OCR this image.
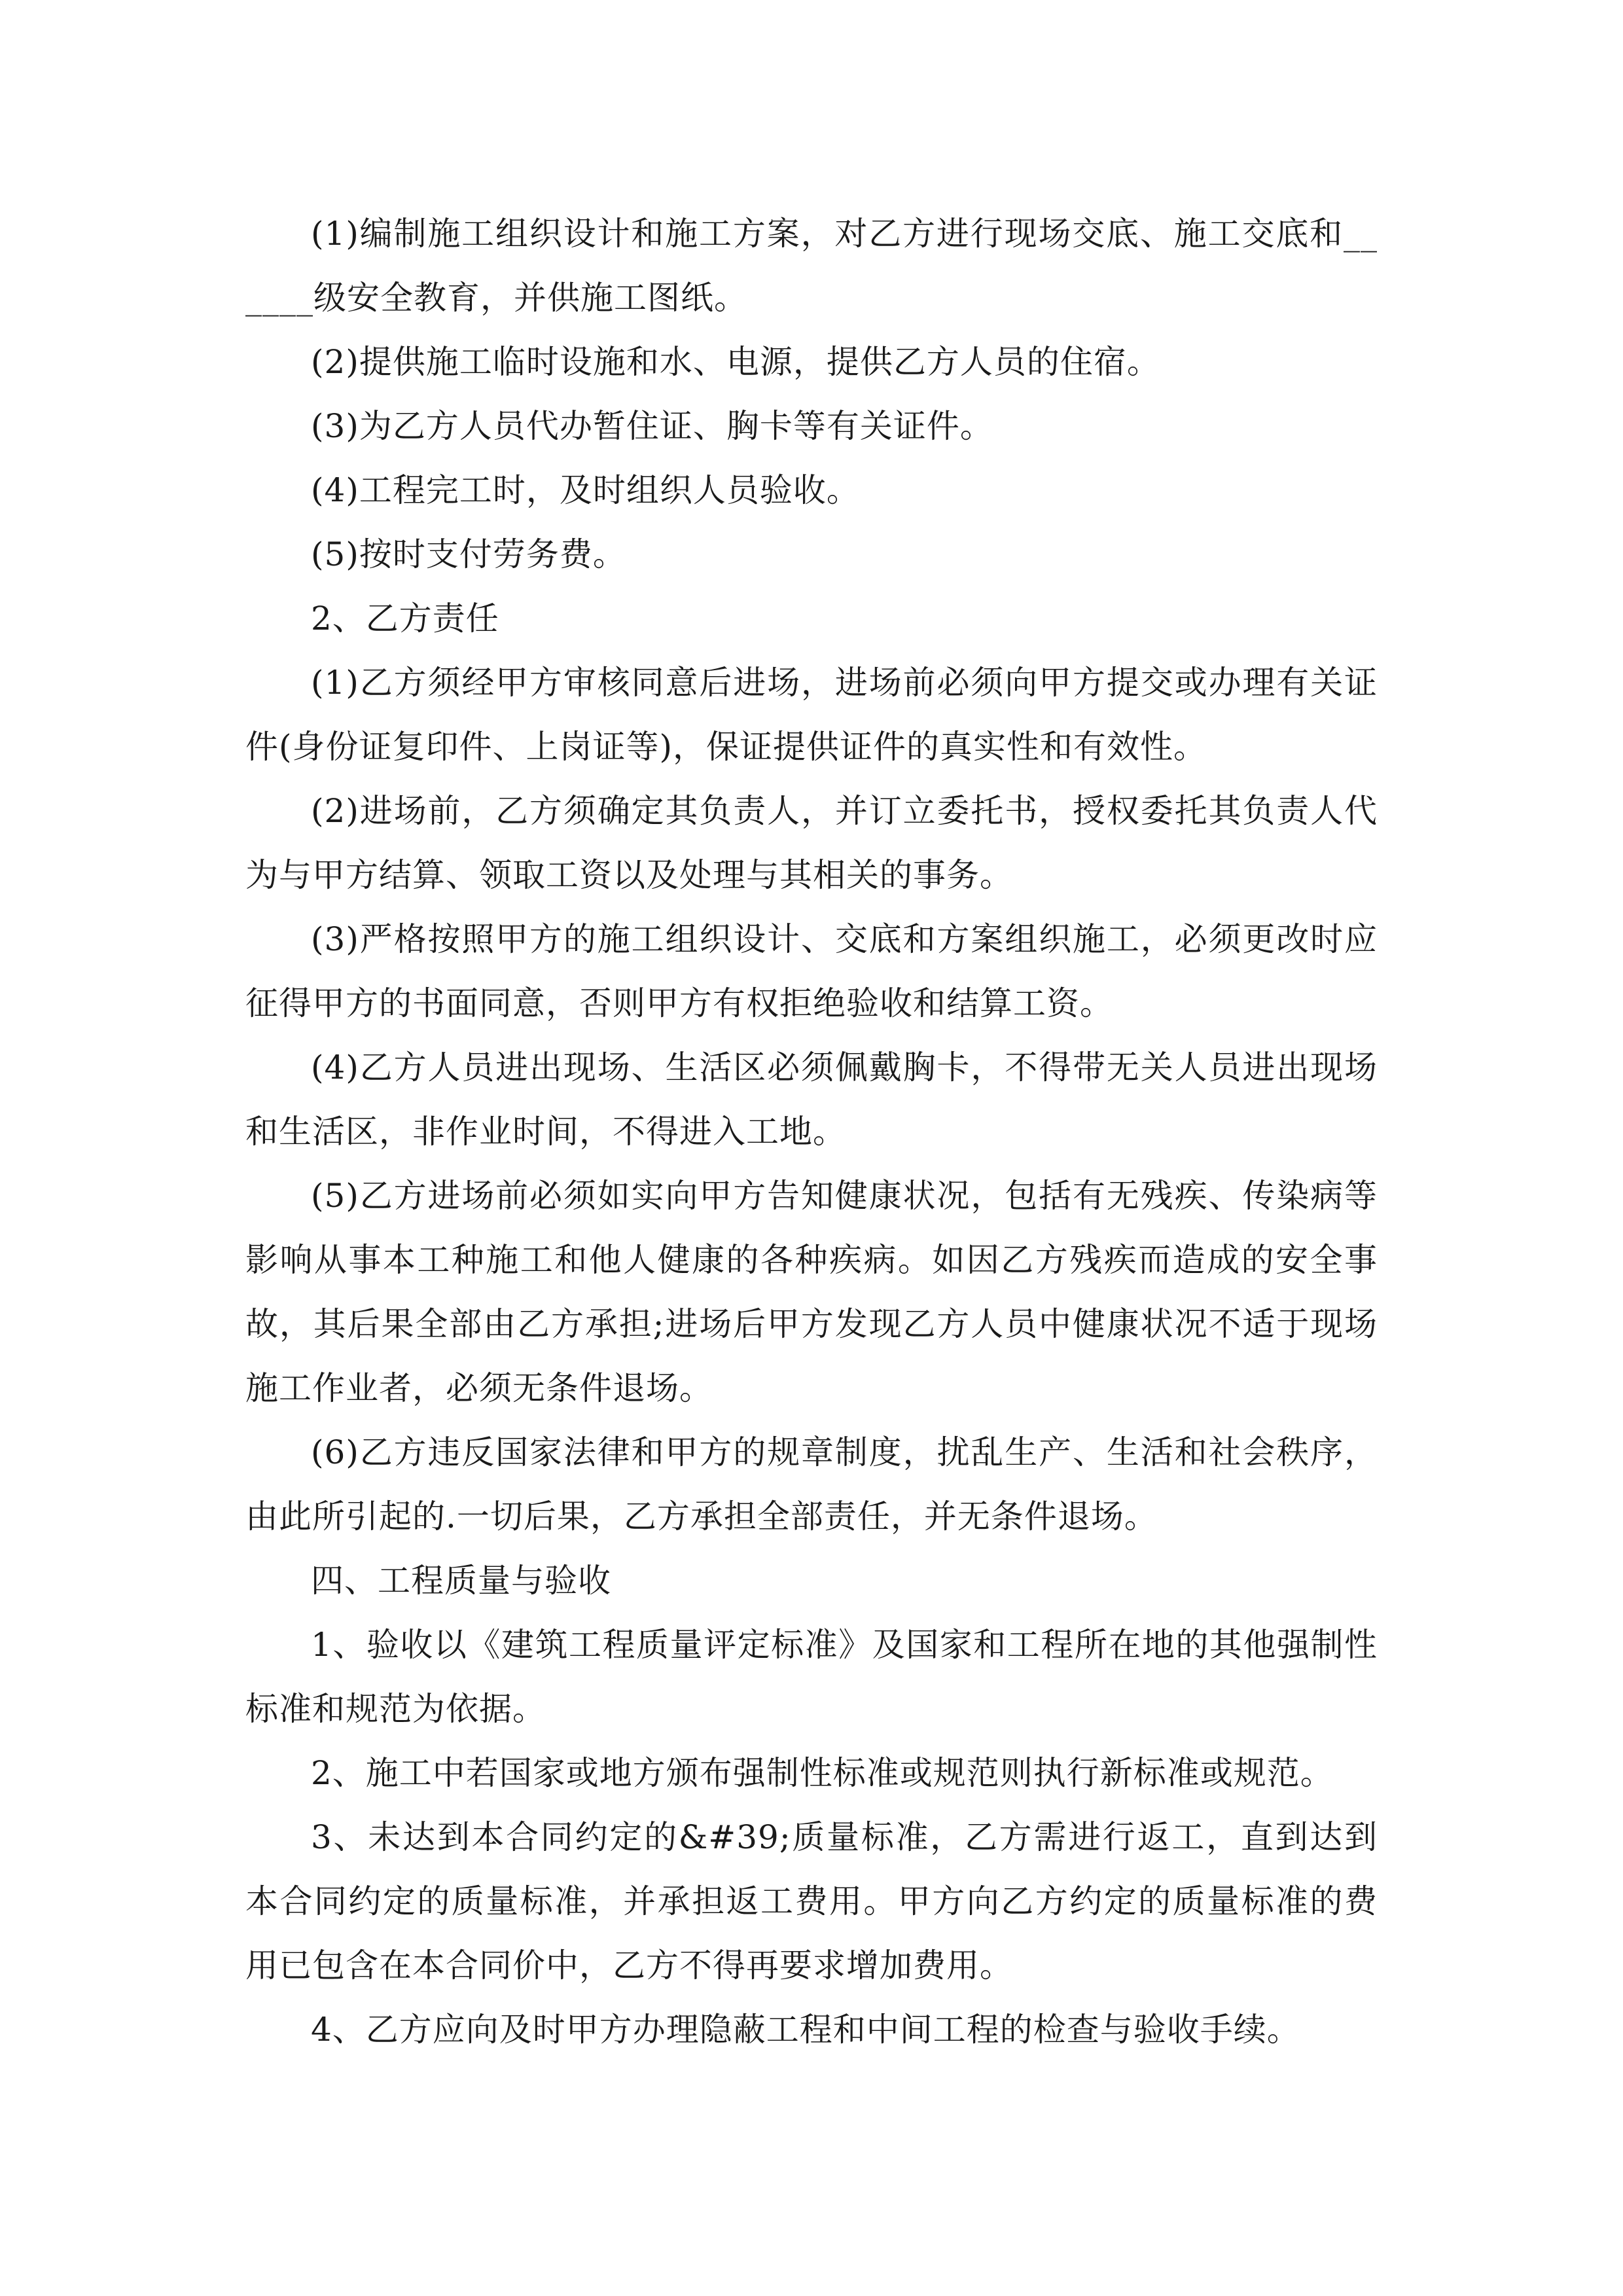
(1)编制施工组织设计和施工方案，对乙方进行现场交底、施工交底和______级安全教育，并供施工图纸。

(2)提供施工临时设施和水、电源，提供乙方人员的住宿。

(3)为乙方人员代办暂住证、胸卡等有关证件。

(4)工程完工时，及时组织人员验收。

(5)按时支付劳务费。

2、乙方责任

(1)乙方须经甲方审核同意后进场，进场前必须向甲方提交或办理有关证件(身份证复印件、上岗证等)，保证提供证件的真实性和有效性。

(2)进场前，乙方须确定其负责人，并订立委托书，授权委托其负责人代为与甲方结算、领取工资以及处理与其相关的事务。

(3)严格按照甲方的施工组织设计、交底和方案组织施工，必须更改时应征得甲方的书面同意，否则甲方有权拒绝验收和结算工资。

(4)乙方人员进出现场、生活区必须佩戴胸卡，不得带无关人员进出现场和生活区，非作业时间，不得进入工地。

(5)乙方进场前必须如实向甲方告知健康状况，包括有无残疾、传染病等影响从事本工种施工和他人健康的各种疾病。如因乙方残疾而造成的安全事故，其后果全部由乙方承担;进场后甲方发现乙方人员中健康状况不适于现场施工作业者，必须无条件退场。

(6)乙方违反国家法律和甲方的规章制度，扰乱生产、生活和社会秩序，由此所引起的.一切后果，乙方承担全部责任，并无条件退场。

四、工程质量与验收

1、验收以《建筑工程质量评定标准》及国家和工程所在地的其他强制性标准和规范为依据。

2、施工中若国家或地方颁布强制性标准或规范则执行新标准或规范。

3、未达到本合同约定的&#39;质量标准，乙方需进行返工，直到达到本合同约定的质量标准，并承担返工费用。甲方向乙方约定的质量标准的费用已包含在本合同价中，乙方不得再要求增加费用。

4、乙方应向及时甲方办理隐蔽工程和中间工程的检查与验收手续。
